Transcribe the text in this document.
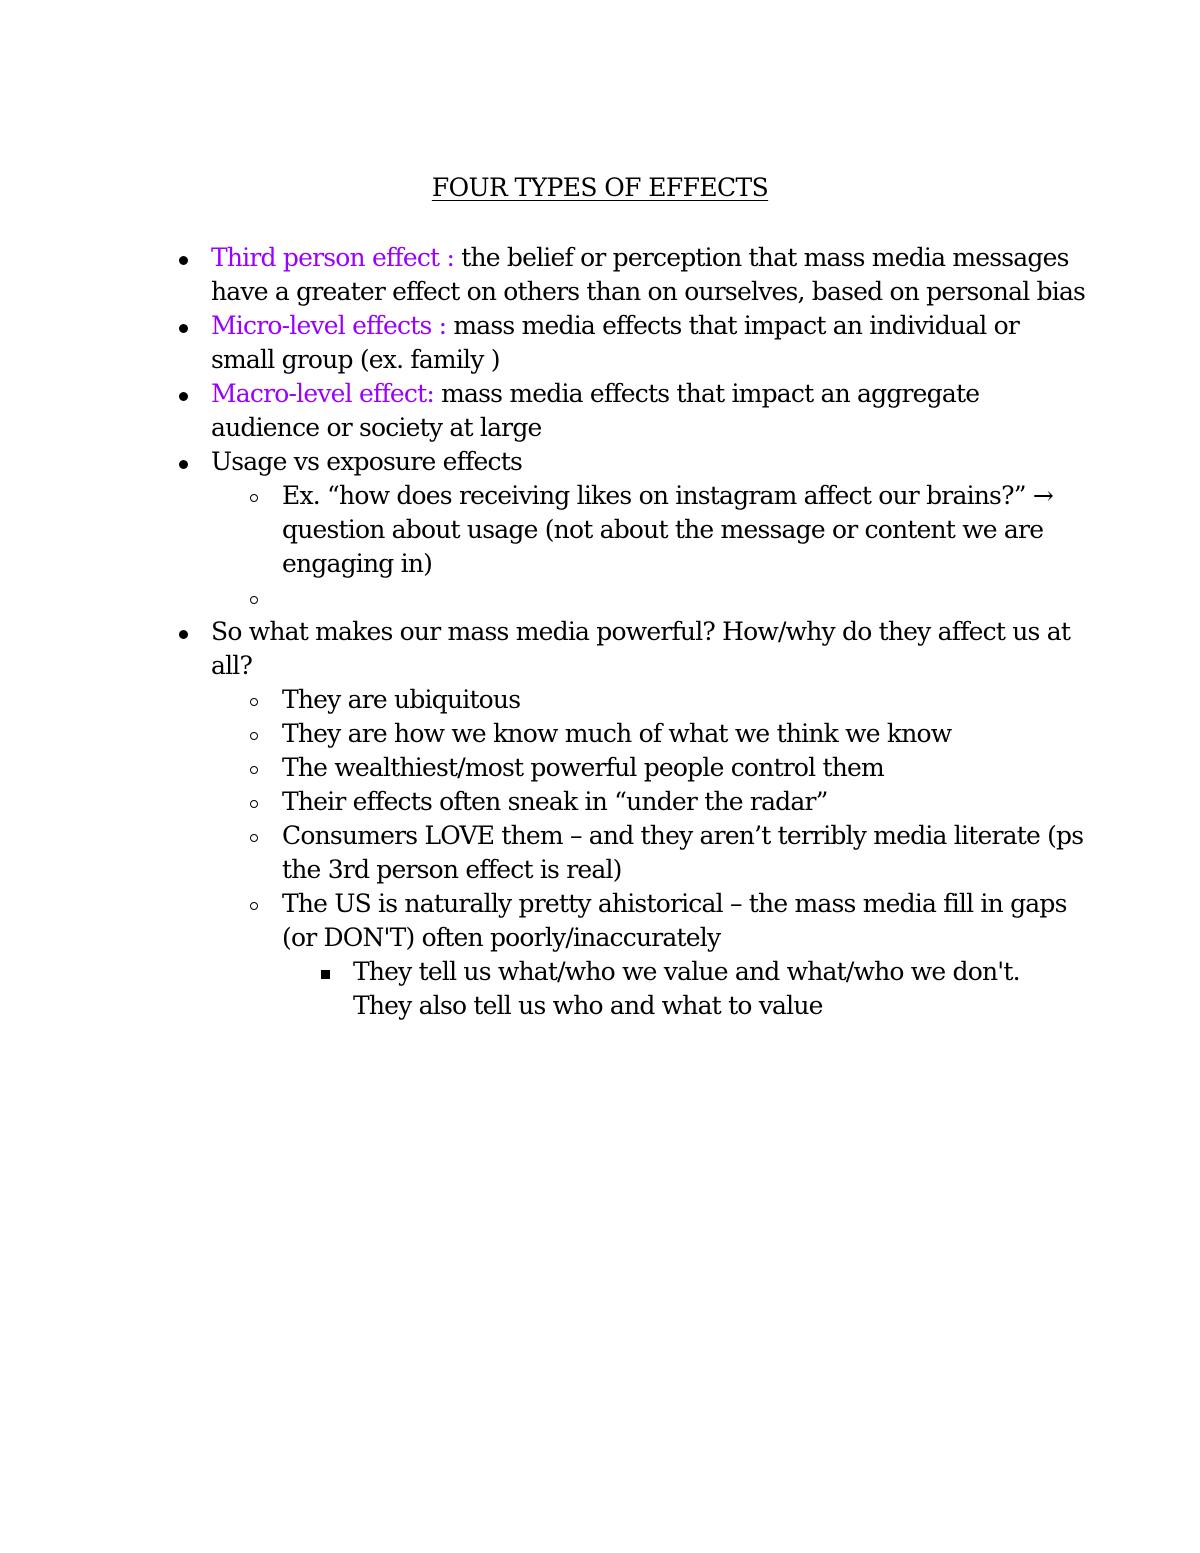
FOUR TYPES OF EFFECTS
Third person effect : the belief or perception that mass media messages
have a greater effect on others than on ourselves, based on personal bias
Micro-level effects : mass media effects that impact an individual or
small group (ex. family )
Macro-level effect: mass media effects that impact an aggregate
audience or society at large
Usage vs exposure effects
Ex. “how does receiving likes on instagram affect our brains?” →
question about usage (not about the message or content we are
engaging in)
So what makes our mass media powerful? How/why do they affect us at
all?
They are ubiquitous
They are how we know much of what we think we know
The wealthiest/most powerful people control them
Their effects often sneak in “under the radar”
Consumers LOVE them – and they aren’t terribly media literate (ps
the 3rd person effect is real)
The US is naturally pretty ahistorical – the mass media fill in gaps
(or DON'T) often poorly/inaccurately
They tell us what/who we value and what/who we don't.
They also tell us who and what to value
